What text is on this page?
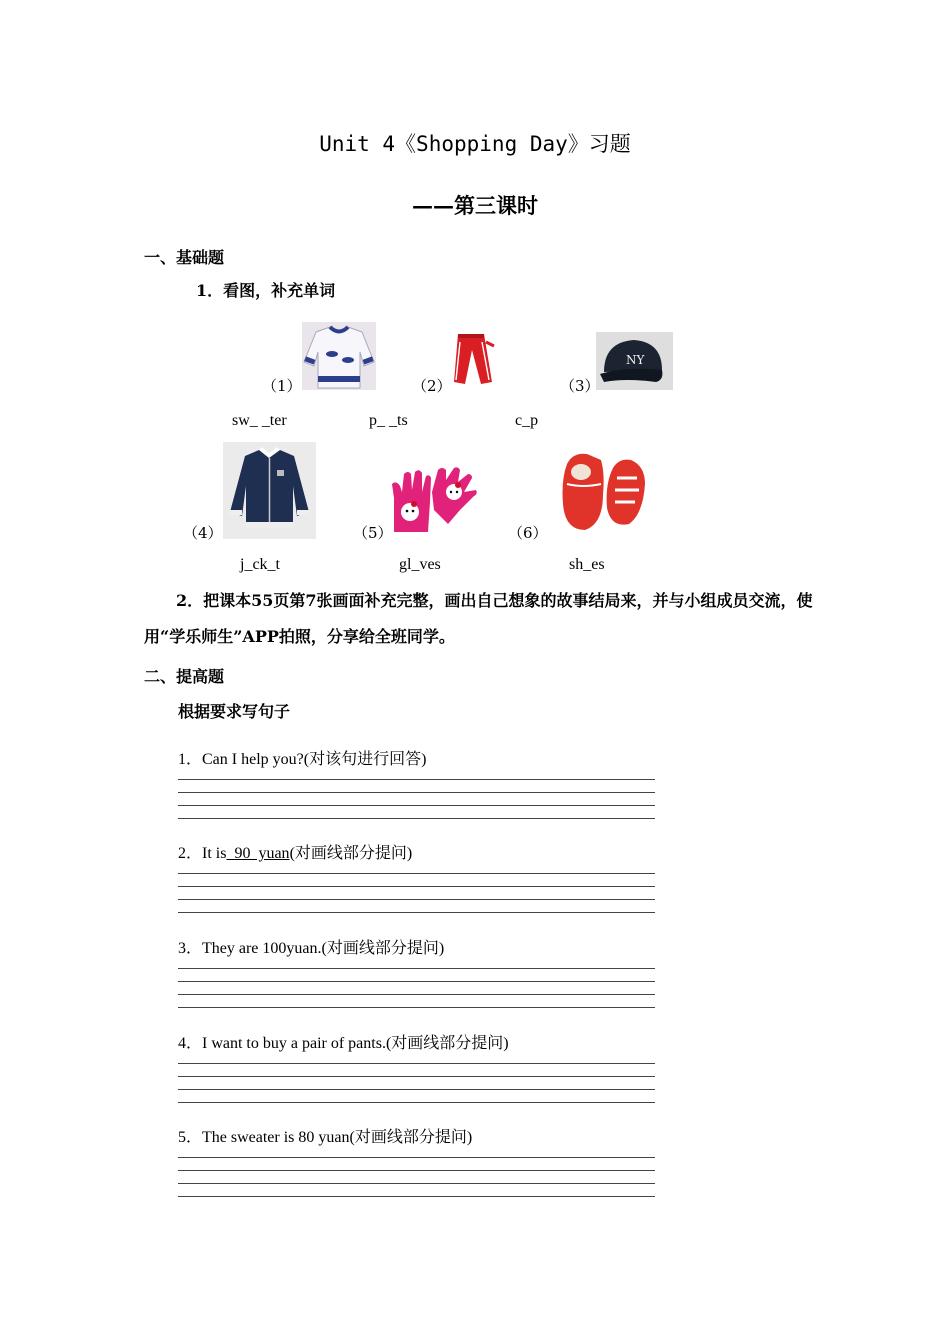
Unit 4《Shopping Day》习题
——第三课时
一、基础题
1．看图，补充单词
NY
（1）	（2）	（3）
sw_ _ter	p_ _ts	c_p
（4）	（5）	（6）
j_ck_t	gl_ves	sh_es
2．把课本55页第7张画面补充完整，画出自己想象的故事结局来，并与小组成员交流，使用“学乐师生”APP拍照，分享给全班同学。
二、提高题
根据要求写句子
1．Can I help you?(对该句进行回答)
2．It is  90  yuan(对画线部分提问)
3．They are 100yuan.(对画线部分提问)
4．I want to buy a pair of pants.(对画线部分提问)
5．The sweater is 80 yuan(对画线部分提问)
